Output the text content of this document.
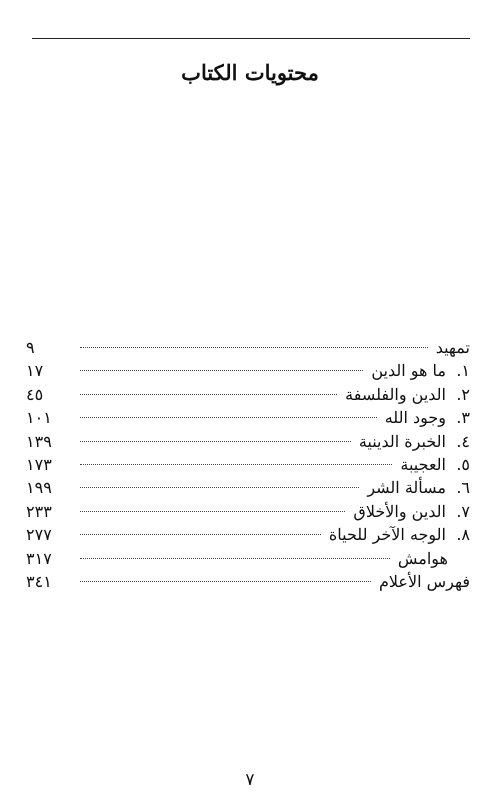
محتويات الكتاب
تمهيد
٩
١.
ما هو الدين
١٧
٢.
الدين والفلسفة
٤٥
٣.
وجود الله
١٠١
٤.
الخبرة الدينية
١٣٩
٥.
العجيبة
١٧٣
٦.
مسألة الشر
١٩٩
٧.
الدين والأخلاق
٢٣٣
٨.
الوجه الآخر للحياة
٢٧٧
هوامش
٣١٧
فهرس الأعلام
٣٤١
٧
